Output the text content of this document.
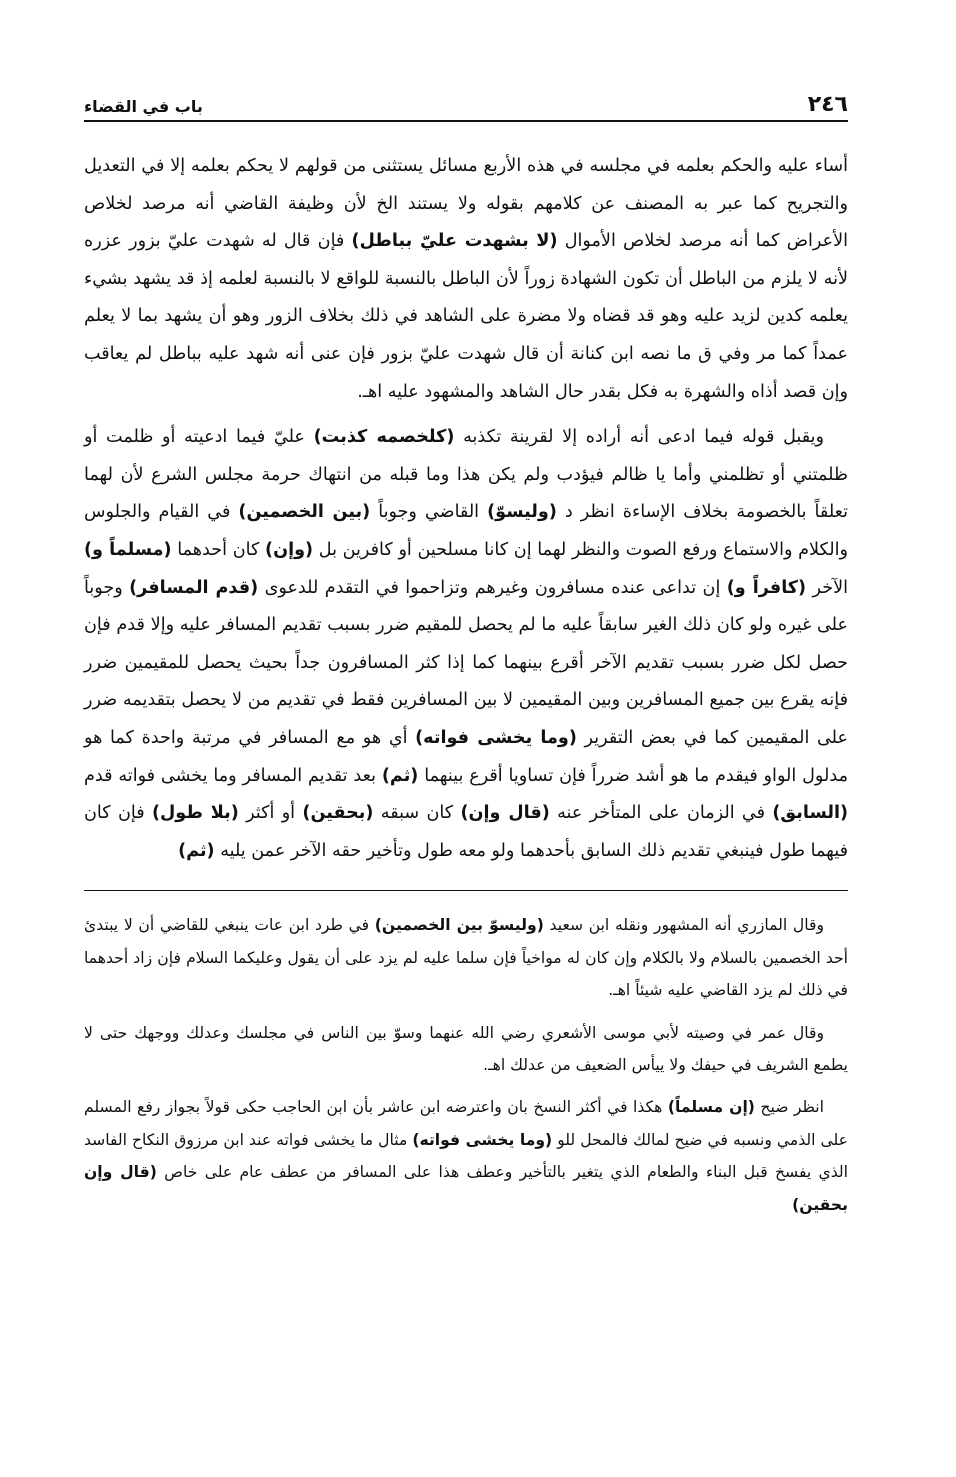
٢٤٦
باب في القضاء

أساء عليه والحكم بعلمه في مجلسه في هذه الأربع مسائل يستثنى من قولهم لا يحكم بعلمه إلا في التعديل والتجريح كما عبر به المصنف عن كلامهم بقوله ولا يستند الخ لأن وظيفة القاضي أنه مرصد لخلاص الأعراض كما أنه مرصد لخلاص الأموال (لا بشهدت عليّ بباطل) فإن قال له شهدت عليّ بزور عزره لأنه لا يلزم من الباطل أن تكون الشهادة زوراً لأن الباطل بالنسبة للواقع لا بالنسبة لعلمه إذ قد يشهد بشيء يعلمه كدين لزيد عليه وهو قد قضاه ولا مضرة على الشاهد في ذلك بخلاف الزور وهو أن يشهد بما لا يعلم عمداً كما مر وفي ق ما نصه ابن كنانة أن قال شهدت عليّ بزور فإن عنى أنه شهد عليه بباطل لم يعاقب وإن قصد أذاه والشهرة به فكل بقدر حال الشاهد والمشهود عليه اهـ.

ويقبل قوله فيما ادعى أنه أراده إلا لقرينة تكذبه (كلخصمه كذبت) عليّ فيما ادعيته أو ظلمت أو ظلمتني أو تظلمني وأما يا ظالم فيؤدب ولم يكن هذا وما قبله من انتهاك حرمة مجلس الشرع لأن لهما تعلقاً بالخصومة بخلاف الإساءة انظر د (وليسوّ) القاضي وجوباً (بين الخصمين) في القيام والجلوس والكلام والاستماع ورفع الصوت والنظر لهما إن كانا مسلحين أو كافرين بل (وإن) كان أحدهما (مسلماً و) الآخر (كافراً و) إن تداعى عنده مسافرون وغيرهم وتزاحموا في التقدم للدعوى (قدم المسافر) وجوباً على غيره ولو كان ذلك الغير سابقاً عليه ما لم يحصل للمقيم ضرر بسبب تقديم المسافر عليه وإلا قدم فإن حصل لكل ضرر بسبب تقديم الآخر أقرع بينهما كما إذا كثر المسافرون جداً بحيث يحصل للمقيمين ضرر فإنه يقرع بين جميع المسافرين وبين المقيمين لا بين المسافرين فقط في تقديم من لا يحصل بتقديمه ضرر على المقيمين كما في بعض التقرير (وما يخشى فواته) أي هو مع المسافر في مرتبة واحدة كما هو مدلول الواو فيقدم ما هو أشد ضرراً فإن تساويا أقرع بينهما (ثم) بعد تقديم المسافر وما يخشى فواته قدم (السابق) في الزمان على المتأخر عنه (قال وإن) كان سبقه (بحقين) أو أكثر (بلا طول) فإن كان فيهما طول فينبغي تقديم ذلك السابق بأحدهما ولو معه طول وتأخير حقه الآخر عمن يليه (ثم)

وقال المازري أنه المشهور ونقله ابن سعيد (وليسوّ بين الخصمين) في طرد ابن عات ينبغي للقاضي أن لا يبتدئ أحد الخصمين بالسلام ولا بالكلام وإن كان له مواخياً فإن سلما عليه لم يزد على أن يقول وعليكما السلام فإن زاد أحدهما في ذلك لم يزد القاضي عليه شيئاً اهـ.

وقال عمر في وصيته لأبي موسى الأشعري رضي الله عنهما وسوّ بين الناس في مجلسك وعدلك ووجهك حتى لا يطمع الشريف في حيفك ولا ييأس الضعيف من عدلك اهـ.

انظر ضيح (إن مسلماً) هكذا في أكثر النسخ بان واعترضه ابن عاشر بأن ابن الحاجب حكى قولاً بجواز رفع المسلم على الذمي ونسبه في ضيح لمالك فالمحل للو (وما يخشى فواته) مثال ما يخشى فواته عند ابن مرزوق النكاح الفاسد الذي يفسخ قبل البناء والطعام الذي يتغير بالتأخير وعطف هذا على المسافر من عطف عام على خاص (قال وإن بحقين)
